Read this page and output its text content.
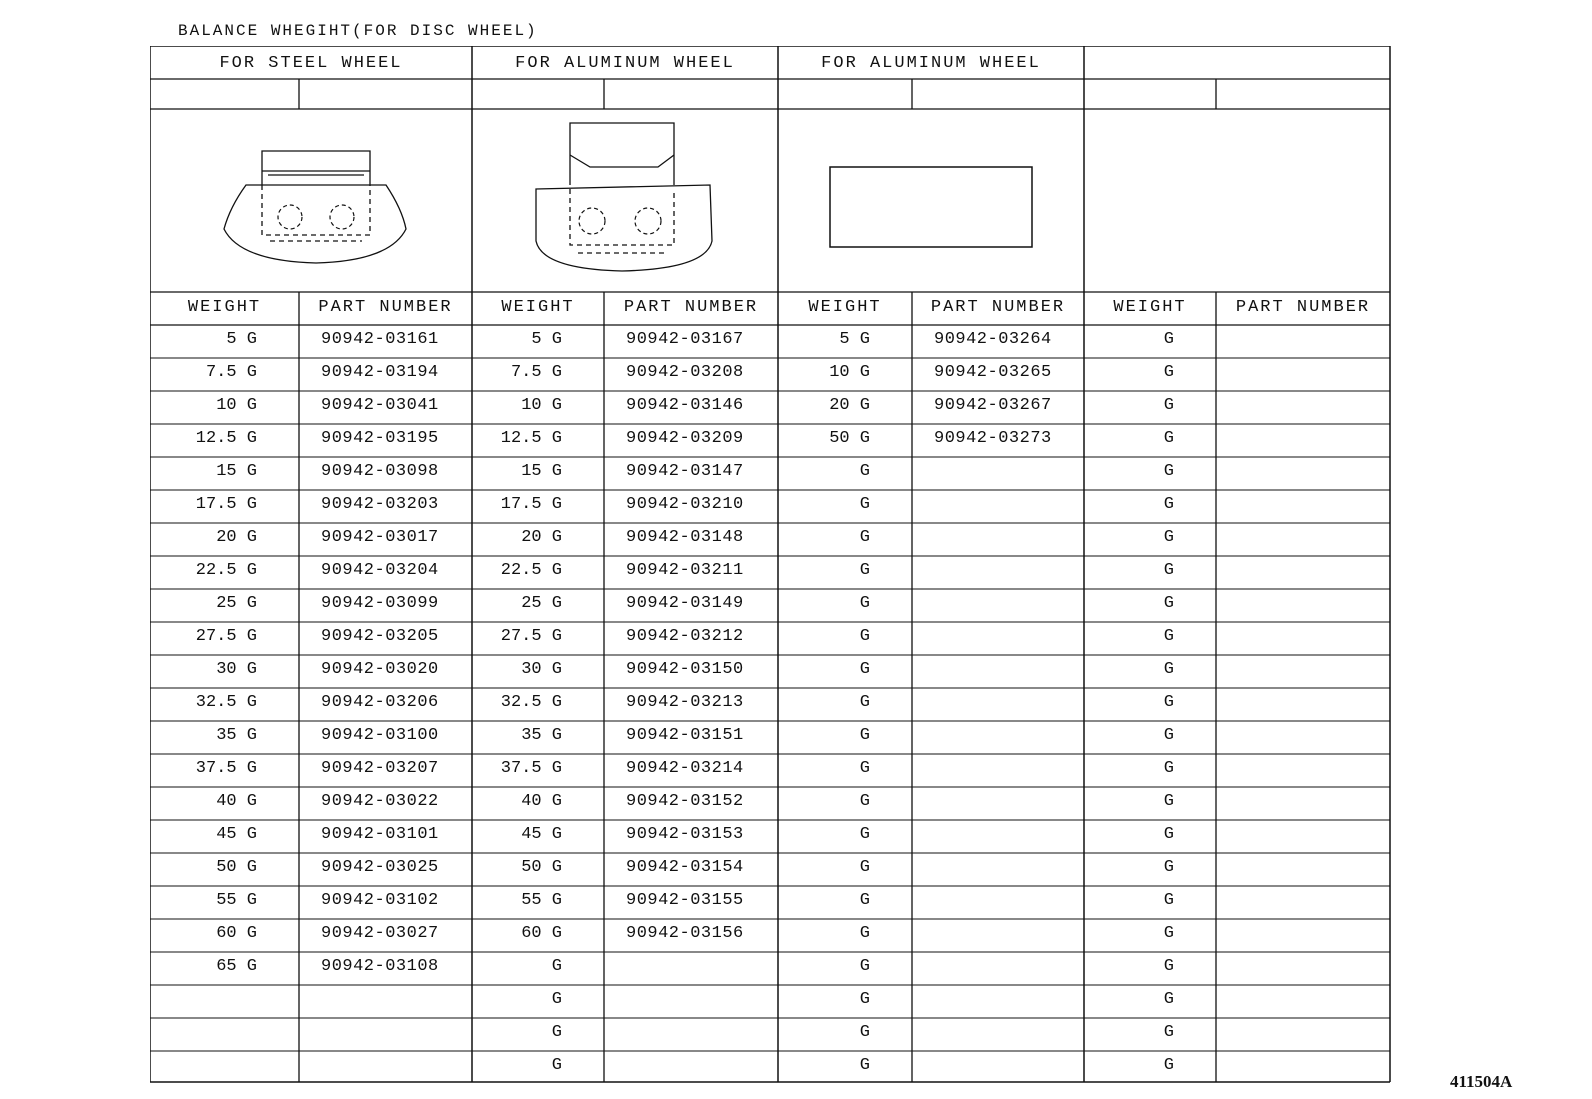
BALANCE WHEGIHT(FOR DISC WHEEL)
FOR STEEL WHEEL
WEIGHT	PART NUMBER
5 G	90942-03161
7.5 G	90942-03194
10 G	90942-03041
12.5 G	90942-03195
15 G	90942-03098
17.5 G	90942-03203
20 G	90942-03017
22.5 G	90942-03204
25 G	90942-03099
27.5 G	90942-03205
30 G	90942-03020
32.5 G	90942-03206
35 G	90942-03100
37.5 G	90942-03207
40 G	90942-03022
45 G	90942-03101
50 G	90942-03025
55 G	90942-03102
60 G	90942-03027
65 G	90942-03108
FOR ALUMINUM WHEEL
WEIGHT	PART NUMBER
5 G	90942-03167
7.5 G	90942-03208
10 G	90942-03146
12.5 G	90942-03209
15 G	90942-03147
17.5 G	90942-03210
20 G	90942-03148
22.5 G	90942-03211
25 G	90942-03149
27.5 G	90942-03212
30 G	90942-03150
32.5 G	90942-03213
35 G	90942-03151
37.5 G	90942-03214
40 G	90942-03152
45 G	90942-03153
50 G	90942-03154
55 G	90942-03155
60 G	90942-03156
G
G
G
G
FOR ALUMINUM WHEEL
WEIGHT	PART NUMBER
5 G	90942-03264
10 G	90942-03265
20 G	90942-03267
50 G	90942-03273
G
G
G
G
G
G
G
G
G
G
G
G
G
G
G
G
G
G
G
WEIGHT	PART NUMBER
G
G
G
G
G
G
G
G
G
G
G
G
G
G
G
G
G
G
G
G
G
G
G
411504A
